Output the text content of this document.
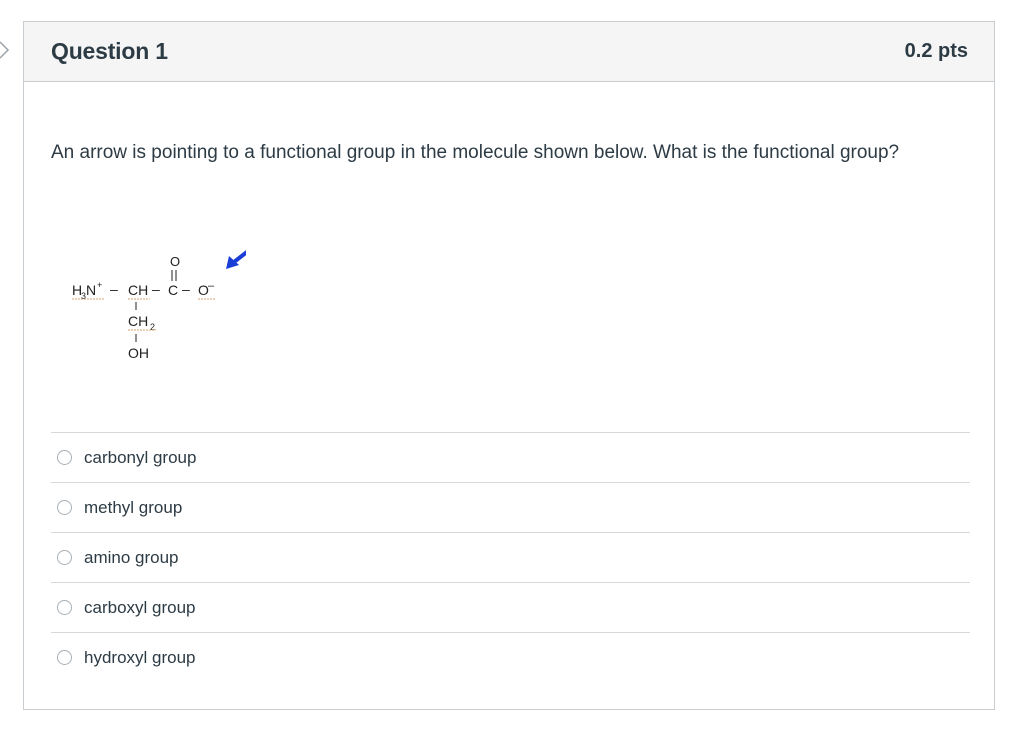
Question 1	0.2 pts
An arrow is pointing to a functional group in the molecule shown below. What is the functional group?
H
3 N + – CH – C
O
– O –
CH 2
OH
carbonyl group
methyl group
amino group
carboxyl group
hydroxyl group
